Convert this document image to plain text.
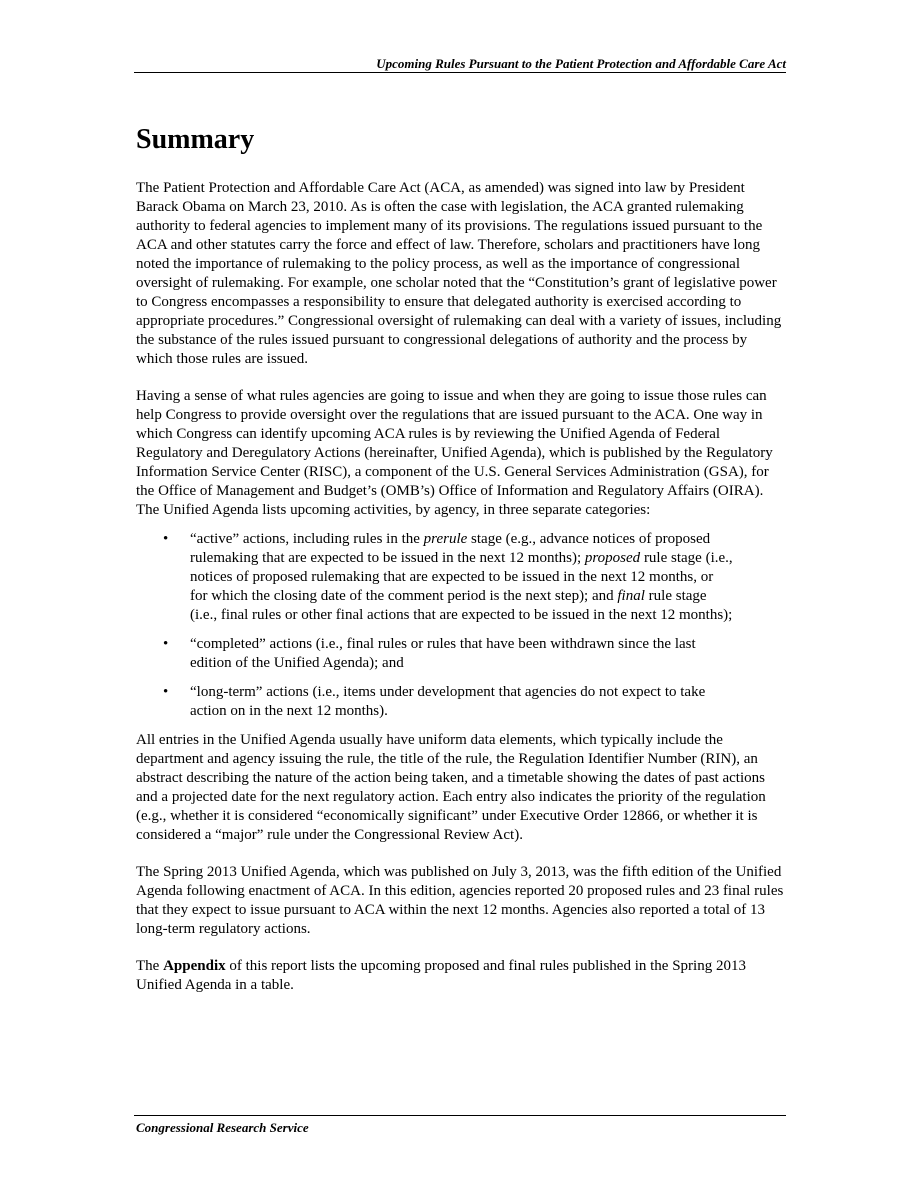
Upcoming Rules Pursuant to the Patient Protection and Affordable Care Act
Summary

The Patient Protection and Affordable Care Act (ACA, as amended) was signed into law by President Barack Obama on March 23, 2010. As is often the case with legislation, the ACA granted rulemaking authority to federal agencies to implement many of its provisions. The regulations issued pursuant to the ACA and other statutes carry the force and effect of law. Therefore, scholars and practitioners have long noted the importance of rulemaking to the policy process, as well as the importance of congressional oversight of rulemaking. For example, one scholar noted that the “Constitution’s grant of legislative power to Congress encompasses a responsibility to ensure that delegated authority is exercised according to appropriate procedures.” Congressional oversight of rulemaking can deal with a variety of issues, including the substance of the rules issued pursuant to congressional delegations of authority and the process by which those rules are issued.

Having a sense of what rules agencies are going to issue and when they are going to issue those rules can help Congress to provide oversight over the regulations that are issued pursuant to the ACA. One way in which Congress can identify upcoming ACA rules is by reviewing the Unified Agenda of Federal Regulatory and Deregulatory Actions (hereinafter, Unified Agenda), which is published by the Regulatory Information Service Center (RISC), a component of the U.S. General Services Administration (GSA), for the Office of Management and Budget’s (OMB’s) Office of Information and Regulatory Affairs (OIRA). The Unified Agenda lists upcoming activities, by agency, in three separate categories:

• “active” actions, including rules in the prerule stage (e.g., advance notices of proposed rulemaking that are expected to be issued in the next 12 months); proposed rule stage (i.e., notices of proposed rulemaking that are expected to be issued in the next 12 months, or for which the closing date of the comment period is the next step); and final rule stage (i.e., final rules or other final actions that are expected to be issued in the next 12 months);
• “completed” actions (i.e., final rules or rules that have been withdrawn since the last edition of the Unified Agenda); and
• “long-term” actions (i.e., items under development that agencies do not expect to take action on in the next 12 months).

All entries in the Unified Agenda usually have uniform data elements, which typically include the department and agency issuing the rule, the title of the rule, the Regulation Identifier Number (RIN), an abstract describing the nature of the action being taken, and a timetable showing the dates of past actions and a projected date for the next regulatory action. Each entry also indicates the priority of the regulation (e.g., whether it is considered “economically significant” under Executive Order 12866, or whether it is considered a “major” rule under the Congressional Review Act).

The Spring 2013 Unified Agenda, which was published on July 3, 2013, was the fifth edition of the Unified Agenda following enactment of ACA. In this edition, agencies reported 20 proposed rules and 23 final rules that they expect to issue pursuant to ACA within the next 12 months. Agencies also reported a total of 13 long-term regulatory actions.

The Appendix of this report lists the upcoming proposed and final rules published in the Spring 2013 Unified Agenda in a table.

Congressional Research Service
